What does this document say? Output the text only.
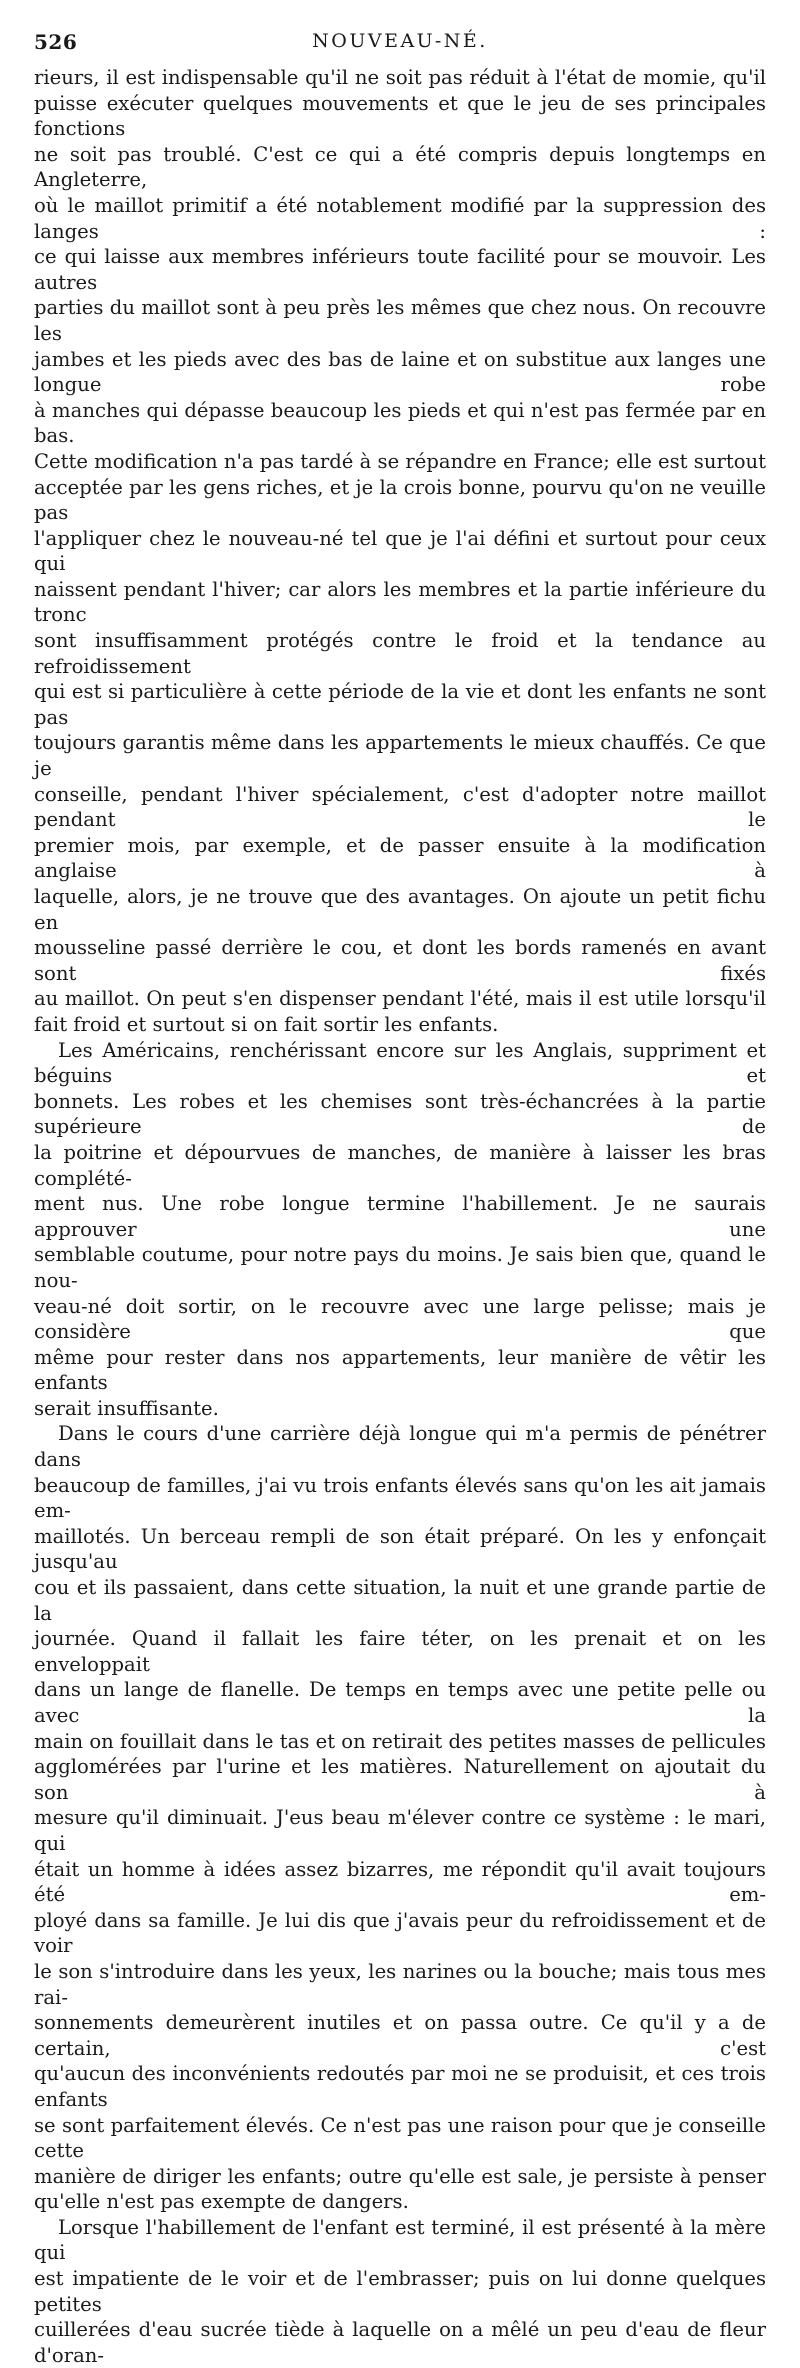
526	NOUVEAU-NÉ.
rieurs, il est indispensable qu'il ne soit pas réduit à l'état de momie, qu'il
puisse exécuter quelques mouvements et que le jeu de ses principales fonctions
ne soit pas troublé. C'est ce qui a été compris depuis longtemps en Angleterre,
où le maillot primitif a été notablement modifié par la suppression des langes :
ce qui laisse aux membres inférieurs toute facilité pour se mouvoir. Les autres
parties du maillot sont à peu près les mêmes que chez nous. On recouvre les
jambes et les pieds avec des bas de laine et on substitue aux langes une longue robe
à manches qui dépasse beaucoup les pieds et qui n'est pas fermée par en bas.
Cette modification n'a pas tardé à se répandre en France; elle est surtout
acceptée par les gens riches, et je la crois bonne, pourvu qu'on ne veuille pas
l'appliquer chez le nouveau-né tel que je l'ai défini et surtout pour ceux qui
naissent pendant l'hiver; car alors les membres et la partie inférieure du tronc
sont insuffisamment protégés contre le froid et la tendance au refroidissement
qui est si particulière à cette période de la vie et dont les enfants ne sont pas
toujours garantis même dans les appartements le mieux chauffés. Ce que je
conseille, pendant l'hiver spécialement, c'est d'adopter notre maillot pendant le
premier mois, par exemple, et de passer ensuite à la modification anglaise à
laquelle, alors, je ne trouve que des avantages. On ajoute un petit fichu en
mousseline passé derrière le cou, et dont les bords ramenés en avant sont fixés
au maillot. On peut s'en dispenser pendant l'été, mais il est utile lorsqu'il
fait froid et surtout si on fait sortir les enfants.
Les Américains, renchérissant encore sur les Anglais, suppriment et béguins et
bonnets. Les robes et les chemises sont très-échancrées à la partie supérieure de
la poitrine et dépourvues de manches, de manière à laisser les bras complété-
ment nus. Une robe longue termine l'habillement. Je ne saurais approuver une
semblable coutume, pour notre pays du moins. Je sais bien que, quand le nou-
veau-né doit sortir, on le recouvre avec une large pelisse; mais je considère que
même pour rester dans nos appartements, leur manière de vêtir les enfants
serait insuffisante.
Dans le cours d'une carrière déjà longue qui m'a permis de pénétrer dans
beaucoup de familles, j'ai vu trois enfants élevés sans qu'on les ait jamais em-
maillotés. Un berceau rempli de son était préparé. On les y enfonçait jusqu'au
cou et ils passaient, dans cette situation, la nuit et une grande partie de la
journée. Quand il fallait les faire téter, on les prenait et on les enveloppait
dans un lange de flanelle. De temps en temps avec une petite pelle ou avec la
main on fouillait dans le tas et on retirait des petites masses de pellicules
agglomérées par l'urine et les matières. Naturellement on ajoutait du son à
mesure qu'il diminuait. J'eus beau m'élever contre ce système : le mari, qui
était un homme à idées assez bizarres, me répondit qu'il avait toujours été em-
ployé dans sa famille. Je lui dis que j'avais peur du refroidissement et de voir
le son s'introduire dans les yeux, les narines ou la bouche; mais tous mes rai-
sonnements demeurèrent inutiles et on passa outre. Ce qu'il y a de certain, c'est
qu'aucun des inconvénients redoutés par moi ne se produisit, et ces trois enfants
se sont parfaitement élevés. Ce n'est pas une raison pour que je conseille cette
manière de diriger les enfants; outre qu'elle est sale, je persiste à penser
qu'elle n'est pas exempte de dangers.
Lorsque l'habillement de l'enfant est terminé, il est présenté à la mère qui
est impatiente de le voir et de l'embrasser; puis on lui donne quelques petites
cuillerées d'eau sucrée tiède à laquelle on a mêlé un peu d'eau de fleur d'oran-
